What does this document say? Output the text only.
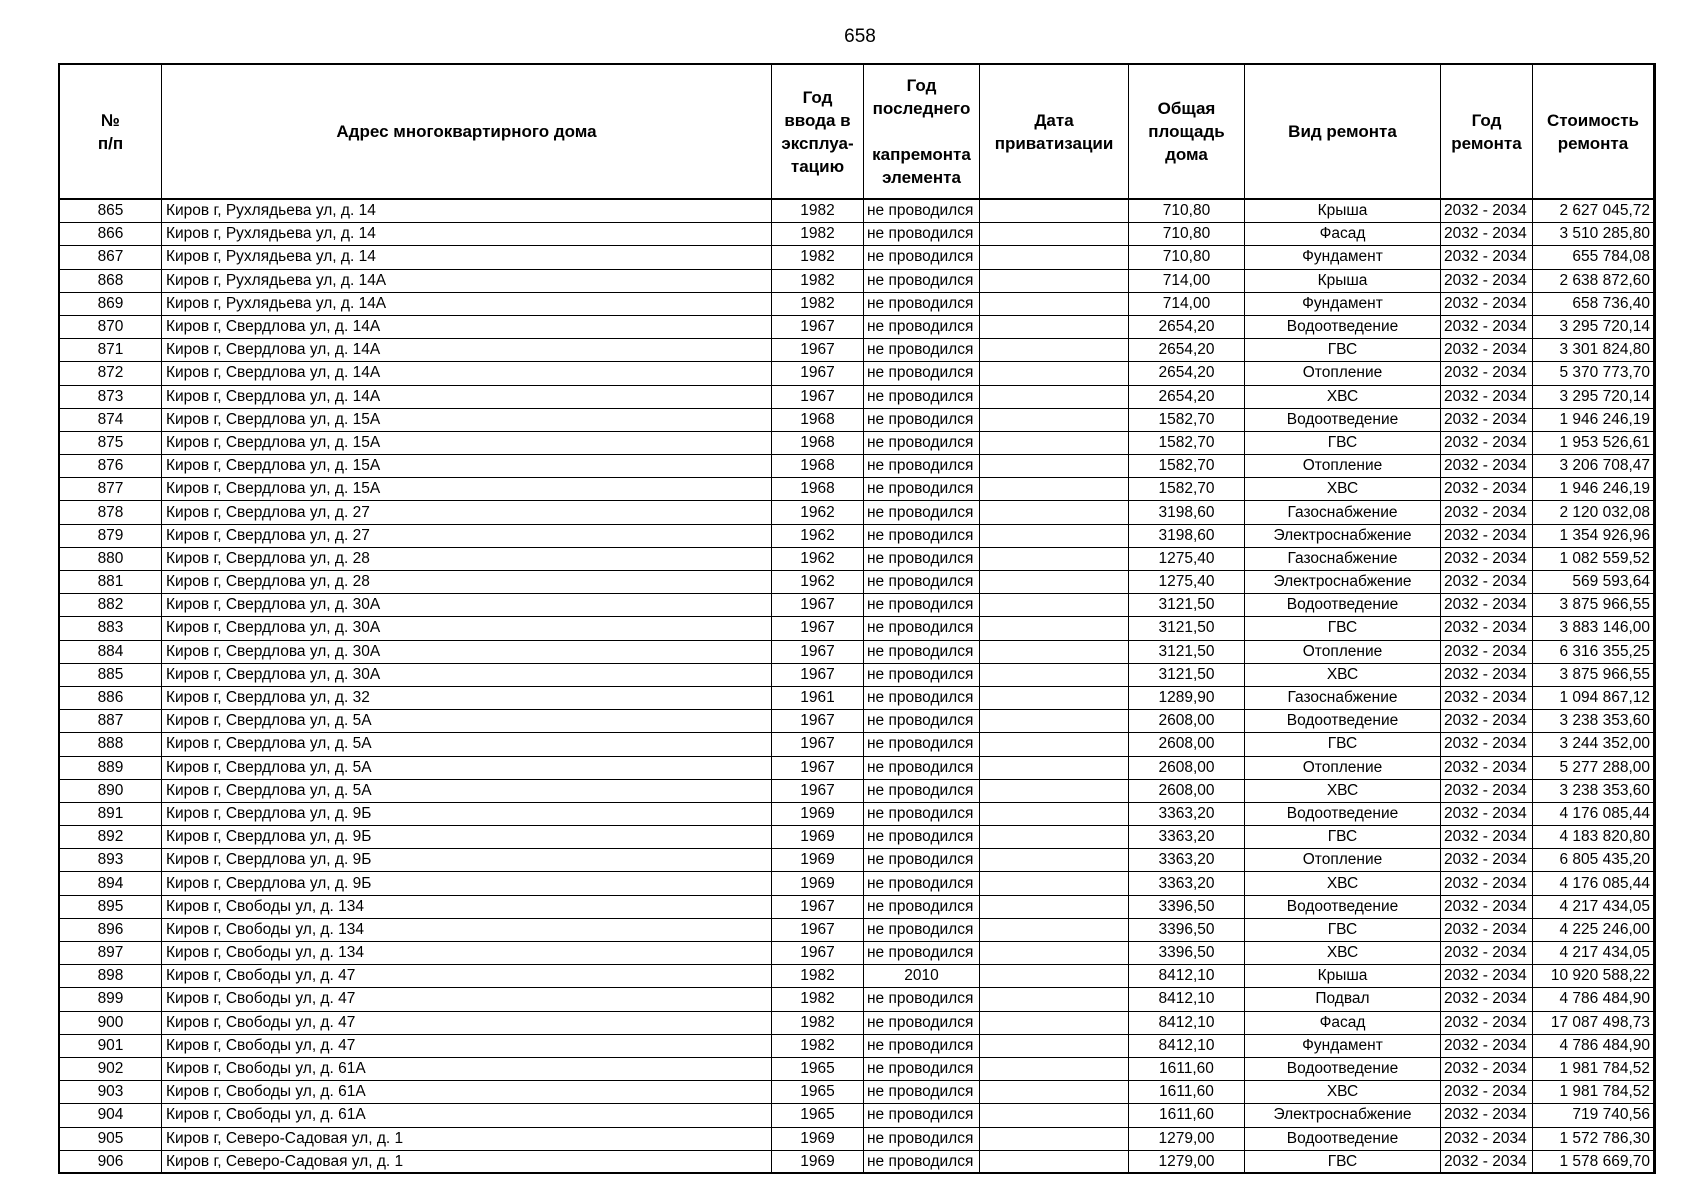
658
№
п/п	Адрес многоквартирного дома	Год
ввода в
эксплуа-
тацию	Год
последнего

капремонта
элемента	Дата
приватизации	Общая
площадь
дома	Вид ремонта	Год
ремонта	Стоимость
ремонта

865	Киров г, Рухлядьева ул, д. 14	1982	не проводился		710,80	Крыша	2032 - 2034	2 627 045,72
866	Киров г, Рухлядьева ул, д. 14	1982	не проводился		710,80	Фасад	2032 - 2034	3 510 285,80
867	Киров г, Рухлядьева ул, д. 14	1982	не проводился		710,80	Фундамент	2032 - 2034	655 784,08
868	Киров г, Рухлядьева ул, д. 14А	1982	не проводился		714,00	Крыша	2032 - 2034	2 638 872,60
869	Киров г, Рухлядьева ул, д. 14А	1982	не проводился		714,00	Фундамент	2032 - 2034	658 736,40
870	Киров г, Свердлова ул, д. 14А	1967	не проводился		2654,20	Водоотведение	2032 - 2034	3 295 720,14
871	Киров г, Свердлова ул, д. 14А	1967	не проводился		2654,20	ГВС	2032 - 2034	3 301 824,80
872	Киров г, Свердлова ул, д. 14А	1967	не проводился		2654,20	Отопление	2032 - 2034	5 370 773,70
873	Киров г, Свердлова ул, д. 14А	1967	не проводился		2654,20	ХВС	2032 - 2034	3 295 720,14
874	Киров г, Свердлова ул, д. 15А	1968	не проводился		1582,70	Водоотведение	2032 - 2034	1 946 246,19
875	Киров г, Свердлова ул, д. 15А	1968	не проводился		1582,70	ГВС	2032 - 2034	1 953 526,61
876	Киров г, Свердлова ул, д. 15А	1968	не проводился		1582,70	Отопление	2032 - 2034	3 206 708,47
877	Киров г, Свердлова ул, д. 15А	1968	не проводился		1582,70	ХВС	2032 - 2034	1 946 246,19
878	Киров г, Свердлова ул, д. 27	1962	не проводился		3198,60	Газоснабжение	2032 - 2034	2 120 032,08
879	Киров г, Свердлова ул, д. 27	1962	не проводился		3198,60	Электроснабжение	2032 - 2034	1 354 926,96
880	Киров г, Свердлова ул, д. 28	1962	не проводился		1275,40	Газоснабжение	2032 - 2034	1 082 559,52
881	Киров г, Свердлова ул, д. 28	1962	не проводился		1275,40	Электроснабжение	2032 - 2034	569 593,64
882	Киров г, Свердлова ул, д. 30А	1967	не проводился		3121,50	Водоотведение	2032 - 2034	3 875 966,55
883	Киров г, Свердлова ул, д. 30А	1967	не проводился		3121,50	ГВС	2032 - 2034	3 883 146,00
884	Киров г, Свердлова ул, д. 30А	1967	не проводился		3121,50	Отопление	2032 - 2034	6 316 355,25
885	Киров г, Свердлова ул, д. 30А	1967	не проводился		3121,50	ХВС	2032 - 2034	3 875 966,55
886	Киров г, Свердлова ул, д. 32	1961	не проводился		1289,90	Газоснабжение	2032 - 2034	1 094 867,12
887	Киров г, Свердлова ул, д. 5А	1967	не проводился		2608,00	Водоотведение	2032 - 2034	3 238 353,60
888	Киров г, Свердлова ул, д. 5А	1967	не проводился		2608,00	ГВС	2032 - 2034	3 244 352,00
889	Киров г, Свердлова ул, д. 5А	1967	не проводился		2608,00	Отопление	2032 - 2034	5 277 288,00
890	Киров г, Свердлова ул, д. 5А	1967	не проводился		2608,00	ХВС	2032 - 2034	3 238 353,60
891	Киров г, Свердлова ул, д. 9Б	1969	не проводился		3363,20	Водоотведение	2032 - 2034	4 176 085,44
892	Киров г, Свердлова ул, д. 9Б	1969	не проводился		3363,20	ГВС	2032 - 2034	4 183 820,80
893	Киров г, Свердлова ул, д. 9Б	1969	не проводился		3363,20	Отопление	2032 - 2034	6 805 435,20
894	Киров г, Свердлова ул, д. 9Б	1969	не проводился		3363,20	ХВС	2032 - 2034	4 176 085,44
895	Киров г, Свободы ул, д. 134	1967	не проводился		3396,50	Водоотведение	2032 - 2034	4 217 434,05
896	Киров г, Свободы ул, д. 134	1967	не проводился		3396,50	ГВС	2032 - 2034	4 225 246,00
897	Киров г, Свободы ул, д. 134	1967	не проводился		3396,50	ХВС	2032 - 2034	4 217 434,05
898	Киров г, Свободы ул, д. 47	1982	2010		8412,10	Крыша	2032 - 2034	10 920 588,22
899	Киров г, Свободы ул, д. 47	1982	не проводился		8412,10	Подвал	2032 - 2034	4 786 484,90
900	Киров г, Свободы ул, д. 47	1982	не проводился		8412,10	Фасад	2032 - 2034	17 087 498,73
901	Киров г, Свободы ул, д. 47	1982	не проводился		8412,10	Фундамент	2032 - 2034	4 786 484,90
902	Киров г, Свободы ул, д. 61А	1965	не проводился		1611,60	Водоотведение	2032 - 2034	1 981 784,52
903	Киров г, Свободы ул, д. 61А	1965	не проводился		1611,60	ХВС	2032 - 2034	1 981 784,52
904	Киров г, Свободы ул, д. 61А	1965	не проводился		1611,60	Электроснабжение	2032 - 2034	719 740,56
905	Киров г, Северо-Садовая ул, д. 1	1969	не проводился		1279,00	Водоотведение	2032 - 2034	1 572 786,30
906	Киров г, Северо-Садовая ул, д. 1	1969	не проводился		1279,00	ГВС	2032 - 2034	1 578 669,70
